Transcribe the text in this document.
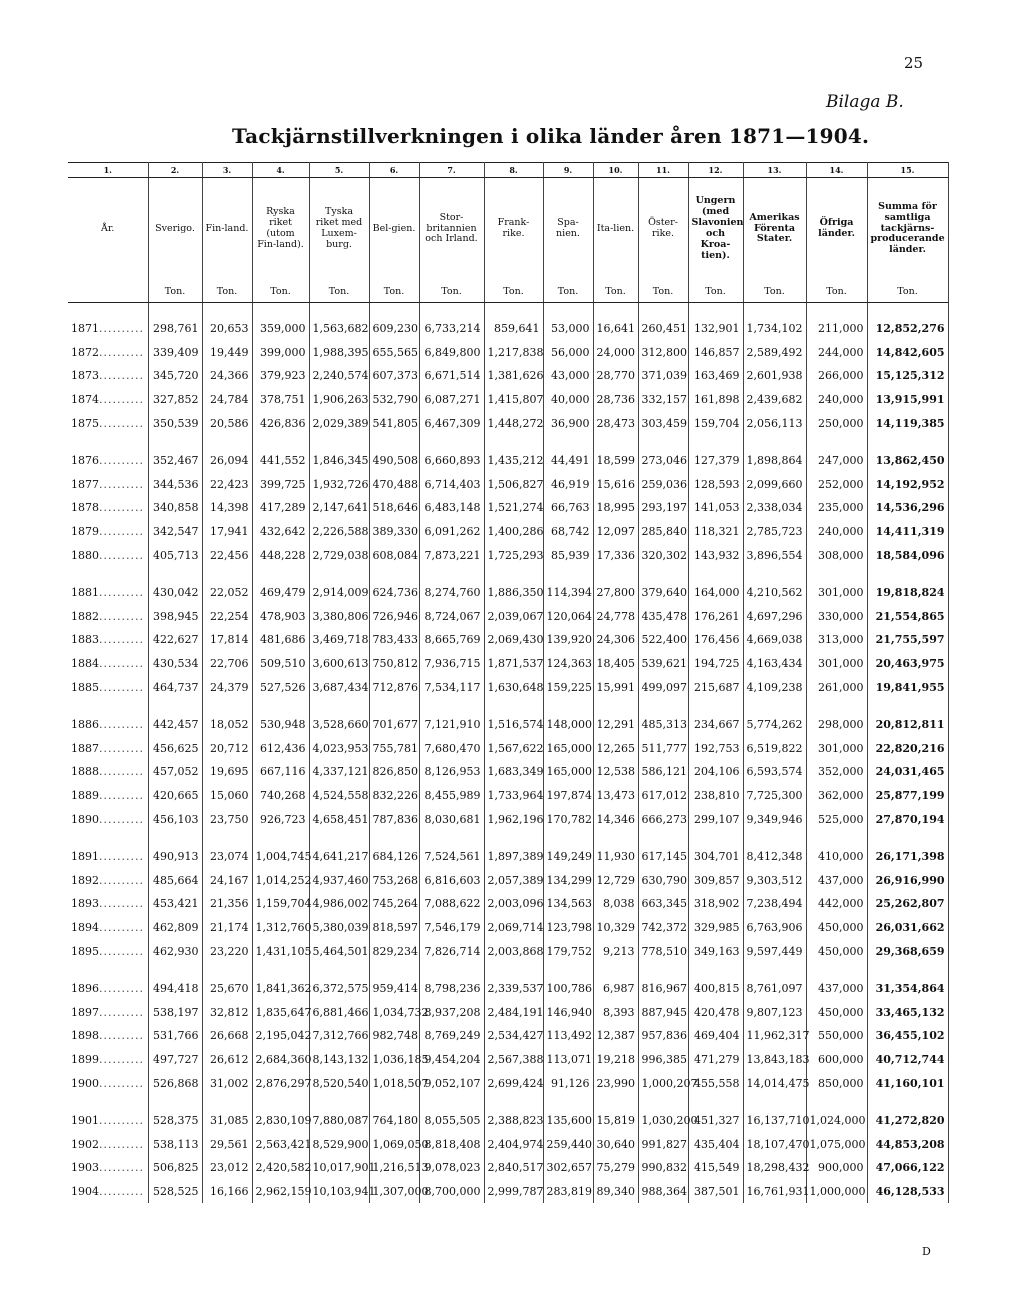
25
Bilaga B.
Tackjärnstillverkningen i olika länder åren 1871—1904.
1.	2.	3.	4.	5.	6.	7.	8.	9.	10.	11.	12.	13.	14.	15.
År.	Sverigo.	Fin-land.	Ryska riket (utom Fin-land).	Tyska riket med Luxem-burg.	Bel-gien.	Stor-britannien och Irland.	Frank-rike.	Spa-nien.	Ita-lien.	Öster-rike.	Ungern (med Slavonien och Kroa-tien).	Amerikas Förenta Stater.	Öfriga länder.	Summa för samtliga tackjärns-producerande länder.
	Ton.	Ton.	Ton.	Ton.	Ton.	Ton.	Ton.	Ton.	Ton.	Ton.	Ton.	Ton.	Ton.	Ton.

1871..........	298,761	20,653	359,000	1,563,682	609,230	6,733,214	859,641	53,000	16,641	260,451	132,901	1,734,102	211,000	12,852,276
1872..........	339,409	19,449	399,000	1,988,395	655,565	6,849,800	1,217,838	56,000	24,000	312,800	146,857	2,589,492	244,000	14,842,605
1873..........	345,720	24,366	379,923	2,240,574	607,373	6,671,514	1,381,626	43,000	28,770	371,039	163,469	2,601,938	266,000	15,125,312
1874..........	327,852	24,784	378,751	1,906,263	532,790	6,087,271	1,415,807	40,000	28,736	332,157	161,898	2,439,682	240,000	13,915,991
1875..........	350,539	20,586	426,836	2,029,389	541,805	6,467,309	1,448,272	36,900	28,473	303,459	159,704	2,056,113	250,000	14,119,385

1876..........	352,467	26,094	441,552	1,846,345	490,508	6,660,893	1,435,212	44,491	18,599	273,046	127,379	1,898,864	247,000	13,862,450
1877..........	344,536	22,423	399,725	1,932,726	470,488	6,714,403	1,506,827	46,919	15,616	259,036	128,593	2,099,660	252,000	14,192,952
1878..........	340,858	14,398	417,289	2,147,641	518,646	6,483,148	1,521,274	66,763	18,995	293,197	141,053	2,338,034	235,000	14,536,296
1879..........	342,547	17,941	432,642	2,226,588	389,330	6,091,262	1,400,286	68,742	12,097	285,840	118,321	2,785,723	240,000	14,411,319
1880..........	405,713	22,456	448,228	2,729,038	608,084	7,873,221	1,725,293	85,939	17,336	320,302	143,932	3,896,554	308,000	18,584,096

1881..........	430,042	22,052	469,479	2,914,009	624,736	8,274,760	1,886,350	114,394	27,800	379,640	164,000	4,210,562	301,000	19,818,824
1882..........	398,945	22,254	478,903	3,380,806	726,946	8,724,067	2,039,067	120,064	24,778	435,478	176,261	4,697,296	330,000	21,554,865
1883..........	422,627	17,814	481,686	3,469,718	783,433	8,665,769	2,069,430	139,920	24,306	522,400	176,456	4,669,038	313,000	21,755,597
1884..........	430,534	22,706	509,510	3,600,613	750,812	7,936,715	1,871,537	124,363	18,405	539,621	194,725	4,163,434	301,000	20,463,975
1885..........	464,737	24,379	527,526	3,687,434	712,876	7,534,117	1,630,648	159,225	15,991	499,097	215,687	4,109,238	261,000	19,841,955

1886..........	442,457	18,052	530,948	3,528,660	701,677	7,121,910	1,516,574	148,000	12,291	485,313	234,667	5,774,262	298,000	20,812,811
1887..........	456,625	20,712	612,436	4,023,953	755,781	7,680,470	1,567,622	165,000	12,265	511,777	192,753	6,519,822	301,000	22,820,216
1888..........	457,052	19,695	667,116	4,337,121	826,850	8,126,953	1,683,349	165,000	12,538	586,121	204,106	6,593,574	352,000	24,031,465
1889..........	420,665	15,060	740,268	4,524,558	832,226	8,455,989	1,733,964	197,874	13,473	617,012	238,810	7,725,300	362,000	25,877,199
1890..........	456,103	23,750	926,723	4,658,451	787,836	8,030,681	1,962,196	170,782	14,346	666,273	299,107	9,349,946	525,000	27,870,194

1891..........	490,913	23,074	1,004,745	4,641,217	684,126	7,524,561	1,897,389	149,249	11,930	617,145	304,701	8,412,348	410,000	26,171,398
1892..........	485,664	24,167	1,014,252	4,937,460	753,268	6,816,603	2,057,389	134,299	12,729	630,790	309,857	9,303,512	437,000	26,916,990
1893..........	453,421	21,356	1,159,704	4,986,002	745,264	7,088,622	2,003,096	134,563	8,038	663,345	318,902	7,238,494	442,000	25,262,807
1894..........	462,809	21,174	1,312,760	5,380,039	818,597	7,546,179	2,069,714	123,798	10,329	742,372	329,985	6,763,906	450,000	26,031,662
1895..........	462,930	23,220	1,431,105	5,464,501	829,234	7,826,714	2,003,868	179,752	9,213	778,510	349,163	9,597,449	450,000	29,368,659

1896..........	494,418	25,670	1,841,362	6,372,575	959,414	8,798,236	2,339,537	100,786	6,987	816,967	400,815	8,761,097	437,000	31,354,864
1897..........	538,197	32,812	1,835,647	6,881,466	1,034,732	8,937,208	2,484,191	146,940	8,393	887,945	420,478	9,807,123	450,000	33,465,132
1898..........	531,766	26,668	2,195,042	7,312,766	982,748	8,769,249	2,534,427	113,492	12,387	957,836	469,404	11,962,317	550,000	36,455,102
1899..........	497,727	26,612	2,684,360	8,143,132	1,036,185	9,454,204	2,567,388	113,071	19,218	996,385	471,279	13,843,183	600,000	40,712,744
1900..........	526,868	31,002	2,876,297	8,520,540	1,018,507	9,052,107	2,699,424	91,126	23,990	1,000,207	455,558	14,014,475	850,000	41,160,101

1901..........	528,375	31,085	2,830,109	7,880,087	764,180	8,055,505	2,388,823	135,600	15,819	1,030,200	451,327	16,137,710	1,024,000	41,272,820
1902..........	538,113	29,561	2,563,421	8,529,900	1,069,050	8,818,408	2,404,974	259,440	30,640	991,827	435,404	18,107,470	1,075,000	44,853,208
1903..........	506,825	23,012	2,420,582	10,017,901	1,216,513	9,078,023	2,840,517	302,657	75,279	990,832	415,549	18,298,432	900,000	47,066,122
1904..........	528,525	16,166	2,962,159	10,103,941	1,307,000	8,700,000	2,999,787	283,819	89,340	988,364	387,501	16,761,931	1,000,000	46,128,533
D
